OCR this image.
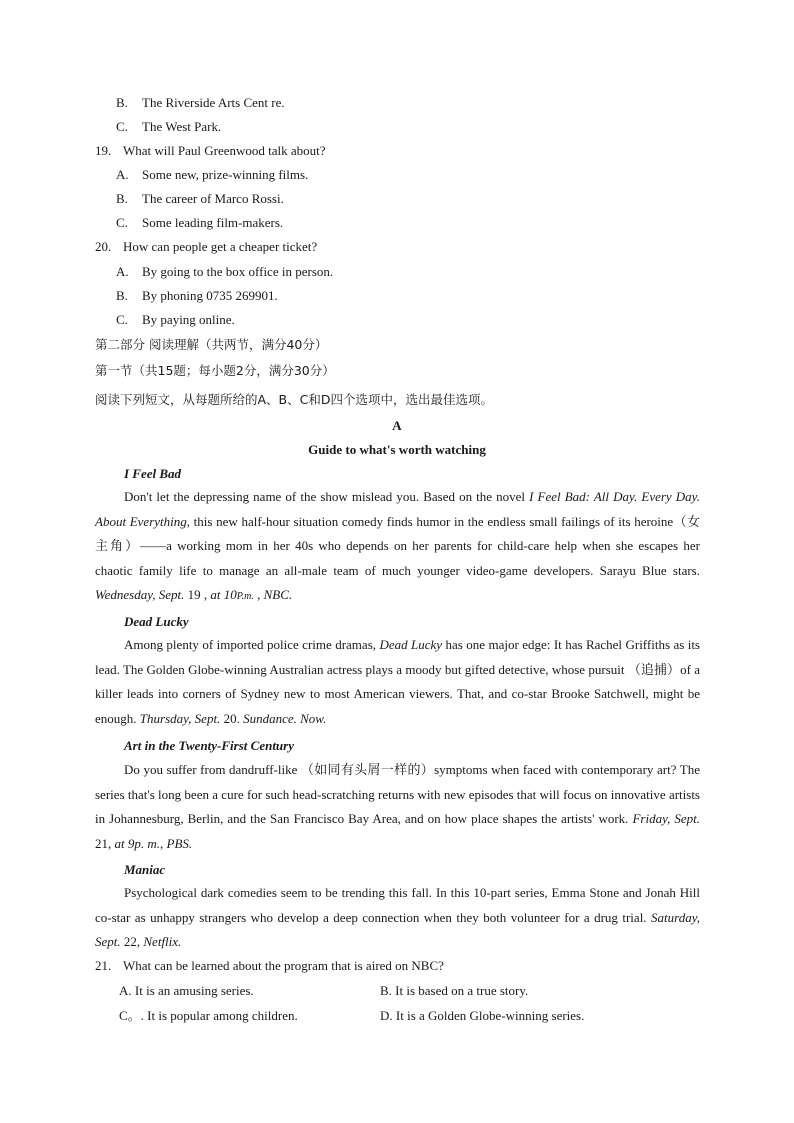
B. The Riverside Arts Cent re.
C. The West Park.
19. What will Paul Greenwood talk about?
A. Some new, prize-winning films.
B. The career of Marco Rossi.
C. Some leading film-makers.
20. How can people get a cheaper ticket?
A. By going to the box office in person.
B. By phoning 0735 269901.
C. By paying online.
第二部分 阅读理解（共两节，满分40分）
第一节（共15题；每小题2分，满分30分）
阅读下列短文，从每题所给的A、B、C和D四个选项中，选出最佳选项。
A
Guide to what's worth watching
I Feel Bad
Don't let the depressing name of the show mislead you. Based on the novel I Feel Bad: All Day. Every Day. About Everything, this new half-hour situation comedy finds humor in the endless small failings of its heroine（女主角）——a working mom in her 40s who depends on her parents for child-care help when she escapes her chaotic family life to manage an all-male team of much younger video-game developers. Sarayu Blue stars. Wednesday, Sept. 19 , at 10P.m. , NBC.
Dead Lucky
Among plenty of imported police crime dramas, Dead Lucky has one major edge: It has Rachel Griffiths as its lead. The Golden Globe-winning Australian actress plays a moody but gifted detective, whose pursuit （追捕）of a killer leads into corners of Sydney new to most American viewers. That, and co-star Brooke Satchwell, might be enough. Thursday, Sept. 20. Sundance. Now.
Art in the Twenty-First Century
Do you suffer from dandruff-like （如同有头屑一样的）symptoms when faced with contemporary art? The series that's long been a cure for such head-scratching returns with new episodes that will focus on innovative artists in Johannesburg, Berlin, and the San Francisco Bay Area, and on how place shapes the artists' work. Friday, Sept. 21, at 9p. m., PBS.
Maniac
Psychological dark comedies seem to be trending this fall. In this 10-part series, Emma Stone and Jonah Hill co-star as unhappy strangers who develop a deep connection when they both volunteer for a drug trial. Saturday, Sept. 22, Netflix.
21. What can be learned about the program that is aired on NBC?
A. It is an amusing series.	B. It is based on a true story.
C。. It is popular among children.	D. It is a Golden Globe-winning series.
